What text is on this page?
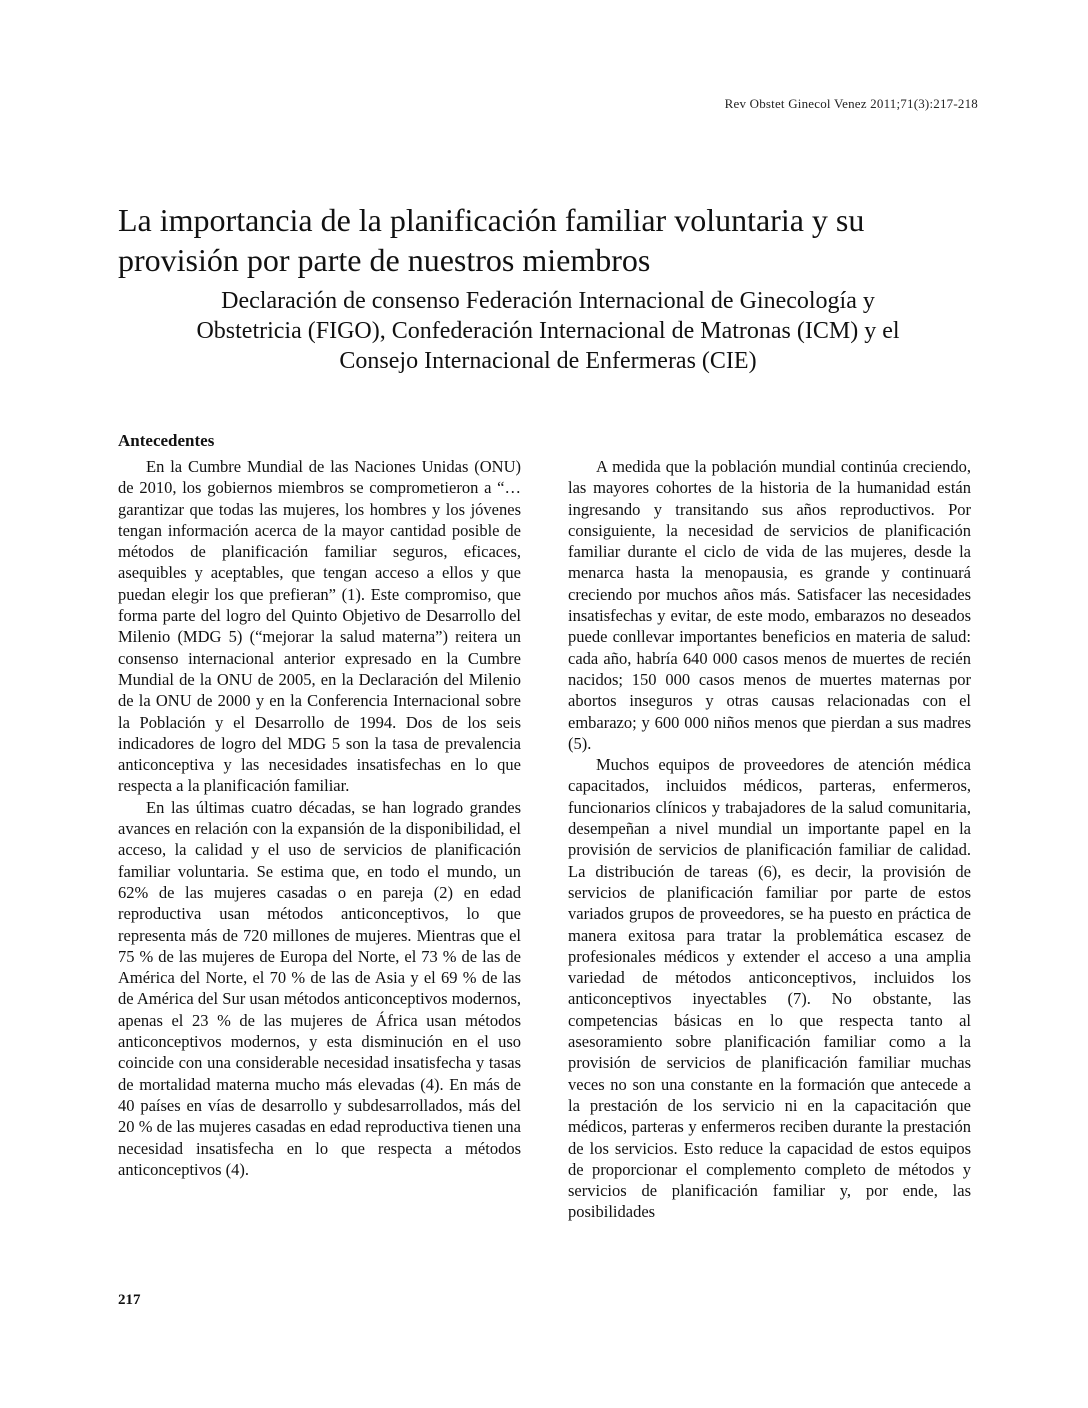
Rev Obstet Ginecol Venez 2011;71(3):217-218
La importancia de la planificación familiar voluntaria y su provisión por parte de nuestros miembros
Declaración de consenso Federación Internacional de Ginecología y
Obstetricia (FIGO), Confederación Internacional de Matronas (ICM) y el
Consejo Internacional de Enfermeras (CIE)
Antecedentes

En la Cumbre Mundial de las Naciones Unidas (ONU) de 2010, los gobiernos miembros se comprometieron a “…garantizar que todas las mujeres, los hombres y los jóvenes tengan información acerca de la mayor cantidad posible de métodos de planificación familiar seguros, eficaces, asequibles y aceptables, que tengan acceso a ellos y que puedan elegir los que prefieran” (1). Este compromiso, que forma parte del logro del Quinto Objetivo de Desarrollo del Milenio (MDG 5) (“mejorar la salud materna”) reitera un consenso internacional anterior expresado en la Cumbre Mundial de la ONU de 2005, en la Declaración del Milenio de la ONU de 2000 y en la Conferencia Internacional sobre la Población y el Desarrollo de 1994. Dos de los seis indicadores de logro del MDG 5 son la tasa de prevalencia anticonceptiva y las necesidades insatisfechas en lo que respecta a la planificación familiar.

En las últimas cuatro décadas, se han logrado grandes avances en relación con la expansión de la disponibilidad, el acceso, la calidad y el uso de servicios de planificación familiar voluntaria. Se estima que, en todo el mundo, un 62% de las mujeres casadas o en pareja (2) en edad reproductiva usan métodos anticonceptivos, lo que representa más de 720 millones de mujeres. Mientras que el 75 % de las mujeres de Europa del Norte, el 73 % de las de América del Norte, el 70 % de las de Asia y el 69 % de las de América del Sur usan métodos anticonceptivos modernos, apenas el 23 % de las mujeres de África usan métodos anticonceptivos modernos, y esta disminución en el uso coincide con una considerable necesidad insatisfecha y tasas de mortalidad materna mucho más elevadas (4). En más de 40 países en vías de desarrollo y subdesarrollados, más del 20 % de las mujeres casadas en edad reproductiva tienen una necesidad insatisfecha en lo que respecta a métodos anticonceptivos (4).

A medida que la población mundial continúa creciendo, las mayores cohortes de la historia de la humanidad están ingresando y transitando sus años reproductivos. Por consiguiente, la necesidad de servicios de planificación familiar durante el ciclo de vida de las mujeres, desde la menarca hasta la menopausia, es grande y continuará creciendo por muchos años más. Satisfacer las necesidades insatisfechas y evitar, de este modo, embarazos no deseados puede conllevar importantes beneficios en materia de salud: cada año, habría 640 000 casos menos de muertes de recién nacidos; 150 000 casos menos de muertes maternas por abortos inseguros y otras causas relacionadas con el embarazo; y 600 000 niños menos que pierdan a sus madres (5).

Muchos equipos de proveedores de atención médica capacitados, incluidos médicos, parteras, enfermeros, funcionarios clínicos y trabajadores de la salud comunitaria, desempeñan a nivel mundial un importante papel en la provisión de servicios de planificación familiar de calidad. La distribución de tareas (6), es decir, la provisión de servicios de planificación familiar por parte de estos variados grupos de proveedores, se ha puesto en práctica de manera exitosa para tratar la problemática escasez de profesionales médicos y extender el acceso a una amplia variedad de métodos anticonceptivos, incluidos los anticonceptivos inyectables (7). No obstante, las competencias básicas en lo que respecta tanto al asesoramiento sobre planificación familiar como a la provisión de servicios de planificación familiar muchas veces no son una constante en la formación que antecede a la prestación de los servicio ni en la capacitación que médicos, parteras y enfermeros reciben durante la prestación de los servicios. Esto reduce la capacidad de estos equipos de proporcionar el complemento completo de métodos y servicios de planificación familiar y, por ende, las posibilidades

217
